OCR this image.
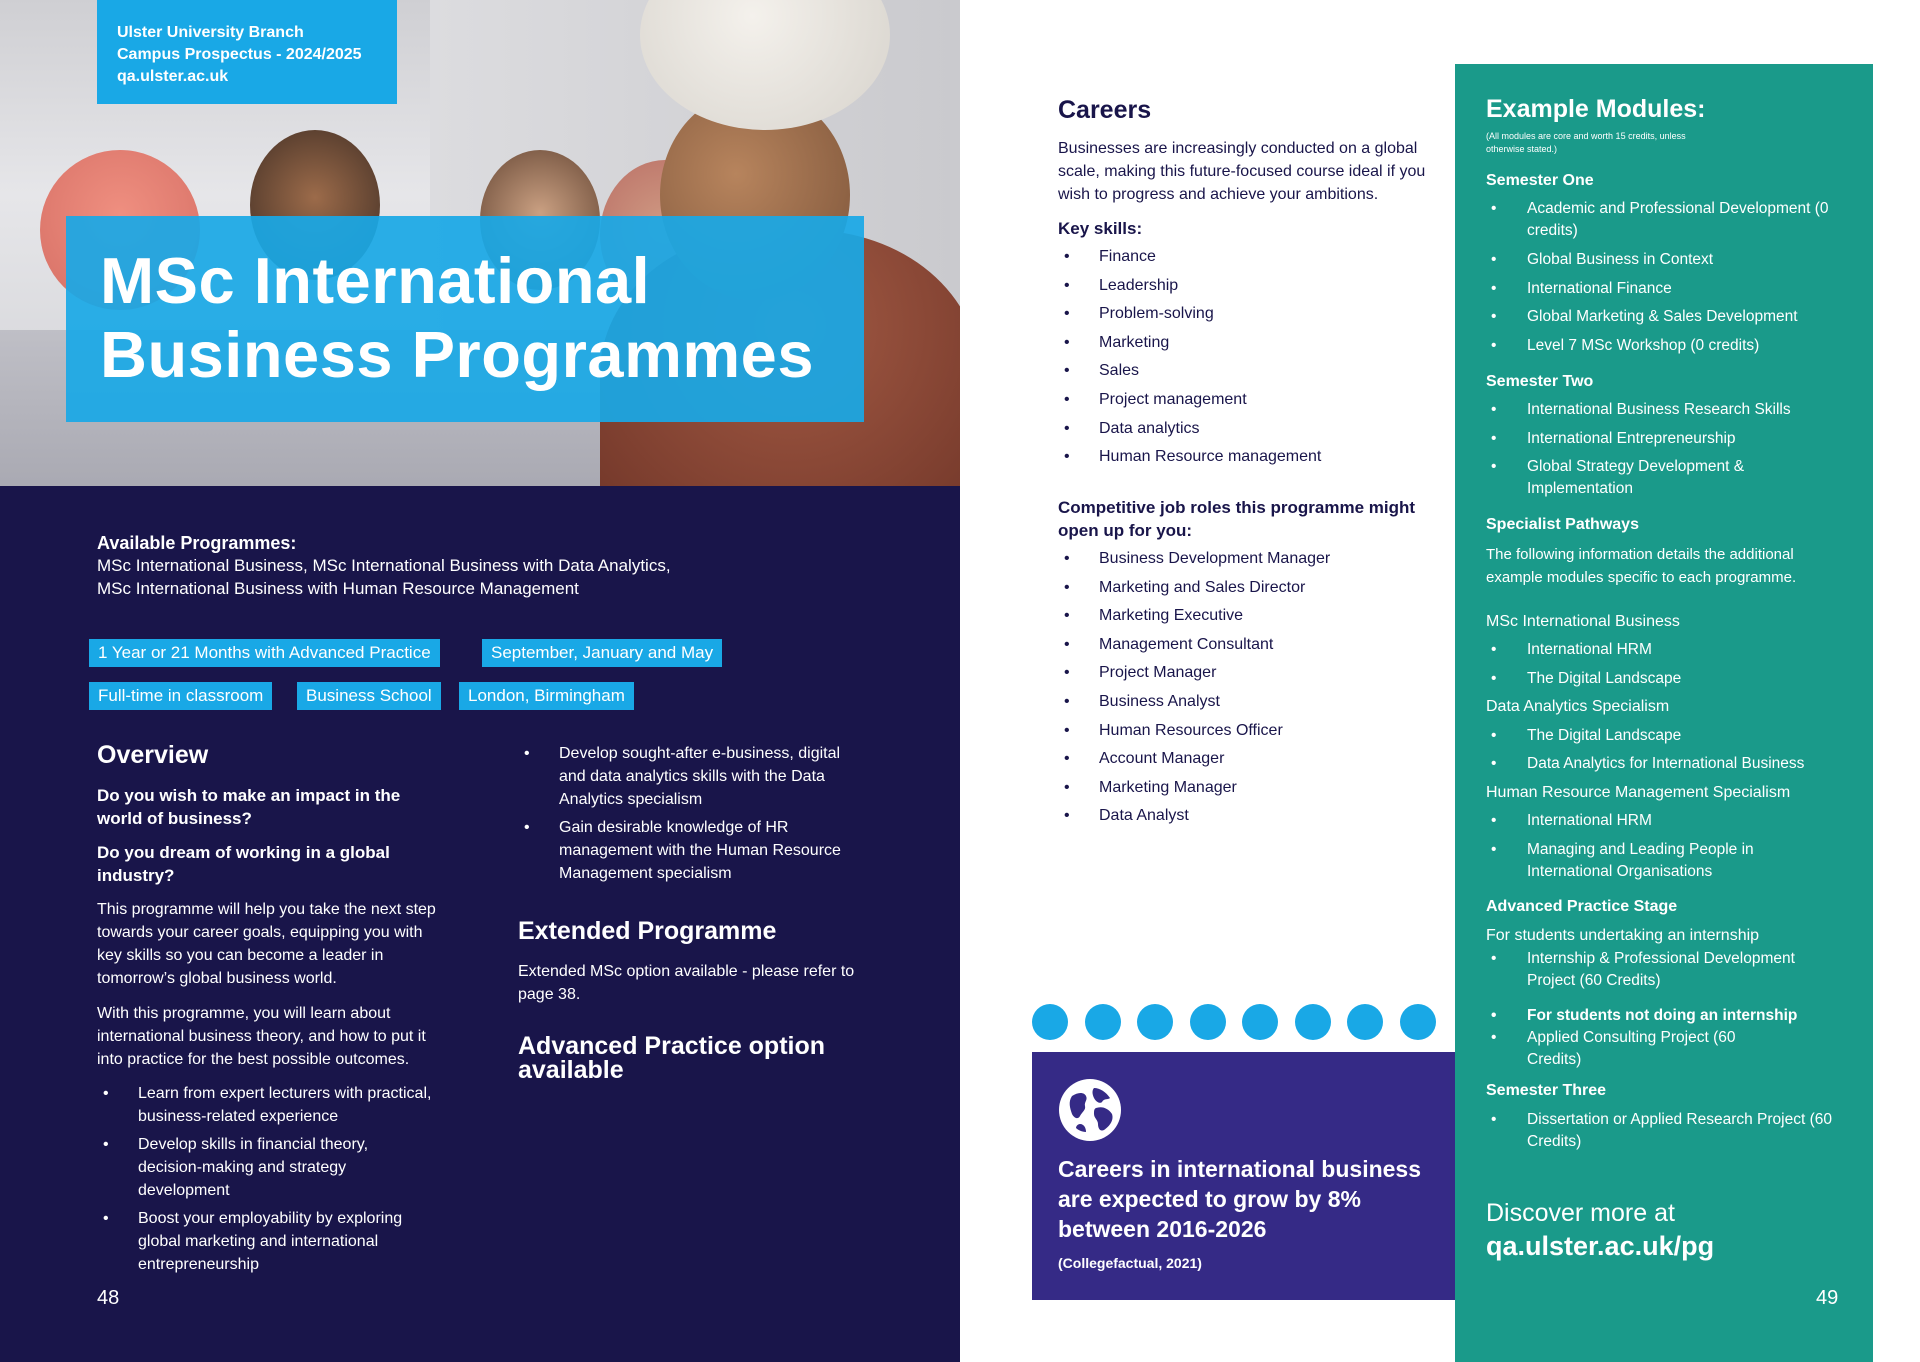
Ulster University Branch
Campus Prospectus - 2024/2025
qa.ulster.ac.uk
MSc International
Business Programmes
Available Programmes:
MSc International Business, MSc International Business with Data Analytics,
MSc International Business with Human Resource Management
1 Year or 21 Months with Advanced Practice	September, January and May
Full-time in classroom	Business School	London, Birmingham
Overview
Do you wish to make an impact in the world of business?
Do you dream of working in a global industry?
This programme will help you take the next step towards your career goals, equipping you with key skills so you can become a leader in tomorrow’s global business world.
With this programme, you will learn about international business theory, and how to put it into practice for the best possible outcomes.
• Learn from expert lecturers with practical, business-related experience
• Develop skills in financial theory, decision-making and strategy development
• Boost your employability by exploring global marketing and international entrepreneurship
• Develop sought-after e-business, digital and data analytics skills with the Data Analytics specialism
• Gain desirable knowledge of HR management with the Human Resource Management specialism
Extended Programme
Extended MSc option available - please refer to page 38.
Advanced Practice option
available
48
Careers
Businesses are increasingly conducted on a global scale, making this future-focused course ideal if you wish to progress and achieve your ambitions.
Key skills:
• Finance
• Leadership
• Problem-solving
• Marketing
• Sales
• Project management
• Data analytics
• Human Resource management
Competitive job roles this programme might open up for you:
• Business Development Manager
• Marketing and Sales Director
• Marketing Executive
• Management Consultant
• Project Manager
• Business Analyst
• Human Resources Officer
• Account Manager
• Marketing Manager
• Data Analyst
Careers in international business are expected to grow by 8% between 2016-2026
(Collegefactual, 2021)
Example Modules:
(All modules are core and worth 15 credits, unless otherwise stated.)
Semester One
• Academic and Professional Development (0 credits)
• Global Business in Context
• International Finance
• Global Marketing & Sales Development
• Level 7 MSc Workshop (0 credits)
Semester Two
• International Business Research Skills
• International Entrepreneurship
• Global Strategy Development & Implementation
Specialist Pathways
The following information details the additional example modules specific to each programme.
MSc International Business
• International HRM
• The Digital Landscape
Data Analytics Specialism
• The Digital Landscape
• Data Analytics for International Business
Human Resource Management Specialism
• International HRM
• Managing and Leading People in International Organisations
Advanced Practice Stage
For students undertaking an internship
• Internship & Professional Development Project (60 Credits)
• For students not doing an internship
• Applied Consulting Project (60 Credits)
Semester Three
• Dissertation or Applied Research Project (60 Credits)
Discover more at
qa.ulster.ac.uk/pg
49
